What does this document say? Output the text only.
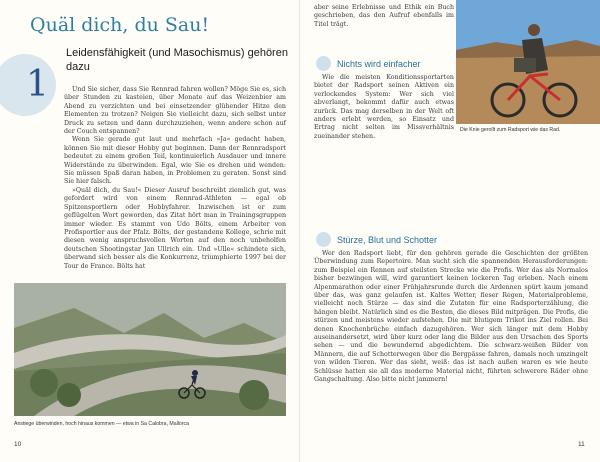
Quäl dich, du Sau!
1
Leidensfähigkeit (und Masochismus) gehören dazu

Und Sie sicher, dass Sie Rennrad fahren wollen? Möge Sie es, sich über Stunden zu kasteien, über Monate auf das Weizenbier am Abend zu verzichten und bei einsetzender glühender Hitze den Elementen zu trotzen? Neigen Sie vielleicht dazu, sich selbst unter Druck zu setzen und dann durchzuziehen, wenn andere schon auf der Couch entspannen?

Wenn Sie gerade gut laut und mehrfach »Ja« gedacht haben, können Sie mit dieser Hobby gut beginnen. Dann der Rennradsport bedeutet zu einem großen Teil, kontinuierlich Ausdauer und innere Widerstände zu überwinden. Egal, wie Sie es drehen und wenden: Sie müssen Spaß daran haben, in Problemen zu geraten. Sonst sind Sie hier falsch.

»Quäl dich, du Sau!« Dieser Ausruf beschreibt ziemlich gut, was gefordert wird von einem Rennrad-Athleten — egal ob Spitzensportlern oder Hobbyfahrer. Inzwischen ist er zum geflügelten Wort geworden, das Zitat hört man in Trainingsgruppen immer wieder. Es stammt von Udo Bölts, einem Arbeiter von Profisportler aus der Pfalz. Bölts, der gestandene Kollege, schrie mit diesen wenig anspruchsvollen Worten auf den noch unbeholfen deutschen Shootingstar Jan Ullrich ein. Und »Ulle« schindete sich, überwand sich besser als die Konkurrenz, triumphierte 1997 bei der Tour de France. Bölts hat

Anstiege überwinden, hoch hinaus kommen — etwa in Sa Calobra, Mallorca
10

aber seine Erlebnisse und Ethik ein Buch geschrieben, das den Aufruf ebenfalls im Titel trägt.

Die Knie gerollt zum Radsport wie das Rad.
Nichts wird einfacher

Wie die meisten Konditionssportarten bietet der Radsport seinen Aktiven ein verlockendes System: Wer sich viel abverlangt, bekommt dafür auch etwas zurück. Das mag derselben in der Welt oft anders erlebt werden, so Einsatz und Ertrag nicht selten im Missverhältnis zueinander stehen.

Stürze, Blut und Schotter

Wer den Radsport liebt, für den gehören gerade die Geschichten der größten Überwindung zum Repertoire. Man sucht sich die spannenden Herausforderungen: zum Beispiel ein Rennen auf steilsten Strecke wie die Profis. Wer das als Normalos bisher bezwingen will, wird garantiert keinen lockeren Tag erleben. Nach einem Alpenmarathon oder einer Frühjahrsrunde durch die Ardennen spürt kaum jemand über das, was ganz gelaufen ist. Kaltes Wetter, fieser Regen, Materialprobleme, vielleicht noch Stürze — das sind die Zutaten für eine Radsporterzählung, die hängen bleibt. Natürlich sind es die Besten, die dieses Bild mitprägen. Die Profis, die stürzen und meistens wieder aufstehen. Die mit blutigem Trikot ins Ziel rollen. Bei denen Knochenbrüche einfach dazugehören. Wer sich länger mit dem Hobby auseinandersetzt, wird über kurz oder lang die Bilder aus den Ursachen des Sports sehen — und die bewundernd abgedichtem. Die schwarz-weißen Bilder von Männern, die auf Schotterwegen über die Bergpässe fahren, damals noch umzingelt von wilden Tieren. Wer das sieht, weiß: das ist nach außen waren es wie heute Schlüsse hatten sie all das moderne Material nicht, führten schwerere Räder ohne Gangschaltung. Also bitte nicht jammern!

11
